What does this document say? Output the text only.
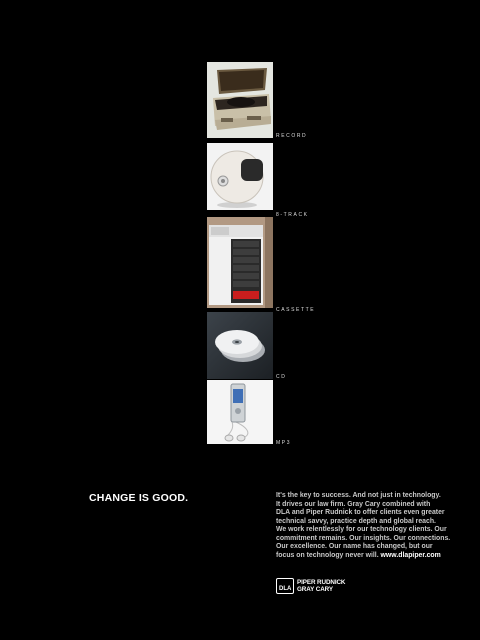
RECORD
8-TRACK
CASSETTE
CD
MP3
CHANGE IS GOOD.	It's the key to success. And not just in technology.
It drives our law firm. Gray Cary combined with
DLA and Piper Rudnick to offer clients even greater
technical savvy, practice depth and global reach.
We work relentlessly for our technology clients. Our
commitment remains. Our insights. Our connections.
Our excellence. Our name has changed, but our
focus on technology never will. www.dlapiper.com
DLA
PIPER RUDNICK
GRAY CARY
